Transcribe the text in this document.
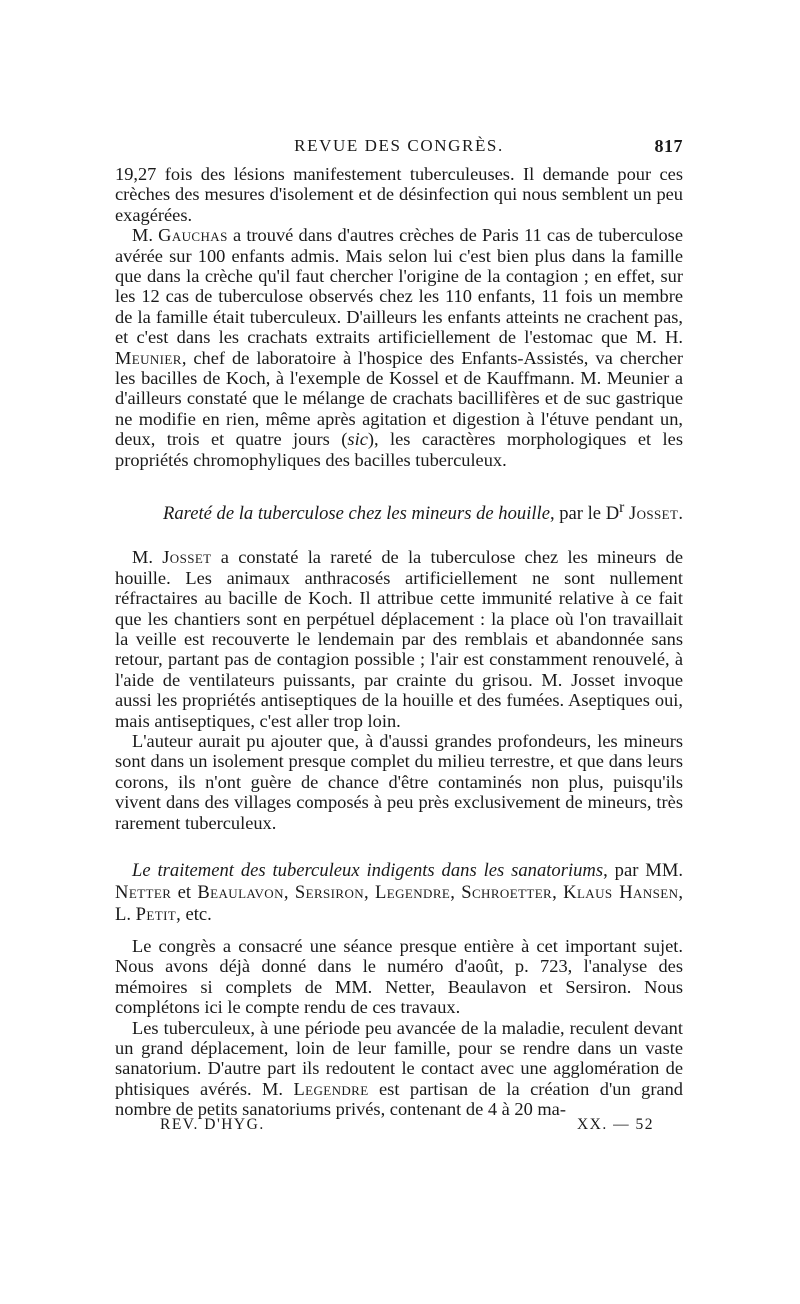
REVUE DES CONGRÈS.	817

19,27 fois des lésions manifestement tuberculeuses. Il demande pour ces crèches des mesures d'isolement et de désinfection qui nous semblent un peu exagérées.

M. Gauchas a trouvé dans d'autres crèches de Paris 11 cas de tuberculose avérée sur 100 enfants admis. Mais selon lui c'est bien plus dans la famille que dans la crèche qu'il faut chercher l'origine de la contagion ; en effet, sur les 12 cas de tuberculose observés chez les 110 enfants, 11 fois un membre de la famille était tuberculeux. D'ailleurs les enfants atteints ne crachent pas, et c'est dans les crachats extraits artificiellement de l'estomac que M. H. Meunier, chef de laboratoire à l'hospice des Enfants-Assistés, va chercher les bacilles de Koch, à l'exemple de Kossel et de Kauffmann. M. Meunier a d'ailleurs constaté que le mélange de crachats bacillifères et de suc gastrique ne modifie en rien, même après agitation et digestion à l'étuve pendant un, deux, trois et quatre jours (sic), les caractères morphologiques et les propriétés chromophyliques des bacilles tuberculeux.

Rareté de la tuberculose chez les mineurs de houille, par le $D^r$ Josset.

M. Josset a constaté la rareté de la tuberculose chez les mineurs de houille. Les animaux anthracosés artificiellement ne sont nullement réfractaires au bacille de Koch. Il attribue cette immunité relative à ce fait que les chantiers sont en perpétuel déplacement : la place où l'on travaillait la veille est recouverte le lendemain par des remblais et abandonnée sans retour, partant pas de contagion possible ; l'air est constamment renouvelé, à l'aide de ventilateurs puissants, par crainte du grisou. M. Josset invoque aussi les propriétés antiseptiques de la houille et des fumées. Aseptiques oui, mais antiseptiques, c'est aller trop loin.

L'auteur aurait pu ajouter que, à d'aussi grandes profondeurs, les mineurs sont dans un isolement presque complet du milieu terrestre, et que dans leurs corons, ils n'ont guère de chance d'être contaminés non plus, puisqu'ils vivent dans des villages composés à peu près exclusivement de mineurs, très rarement tuberculeux.

Le traitement des tuberculeux indigents dans les sanatoriums, par MM. Netter et Beaulavon, Sersiron, Legendre, Schroetter, Klaus Hansen, L. Petit, etc.

Le congrès a consacré une séance presque entière à cet important sujet. Nous avons déjà donné dans le numéro d'août, p. 723, l'analyse des mémoires si complets de MM. Netter, Beaulavon et Sersiron. Nous complétons ici le compte rendu de ces travaux.

Les tuberculeux, à une période peu avancée de la maladie, reculent devant un grand déplacement, loin de leur famille, pour se rendre dans un vaste sanatorium. D'autre part ils redoutent le contact avec une agglomération de phtisiques avérés. M. Legendre est partisan de la création d'un grand nombre de petits sanatoriums privés, contenant de 4 à 20 ma-

REV. D'HYG.	XX. — 52
